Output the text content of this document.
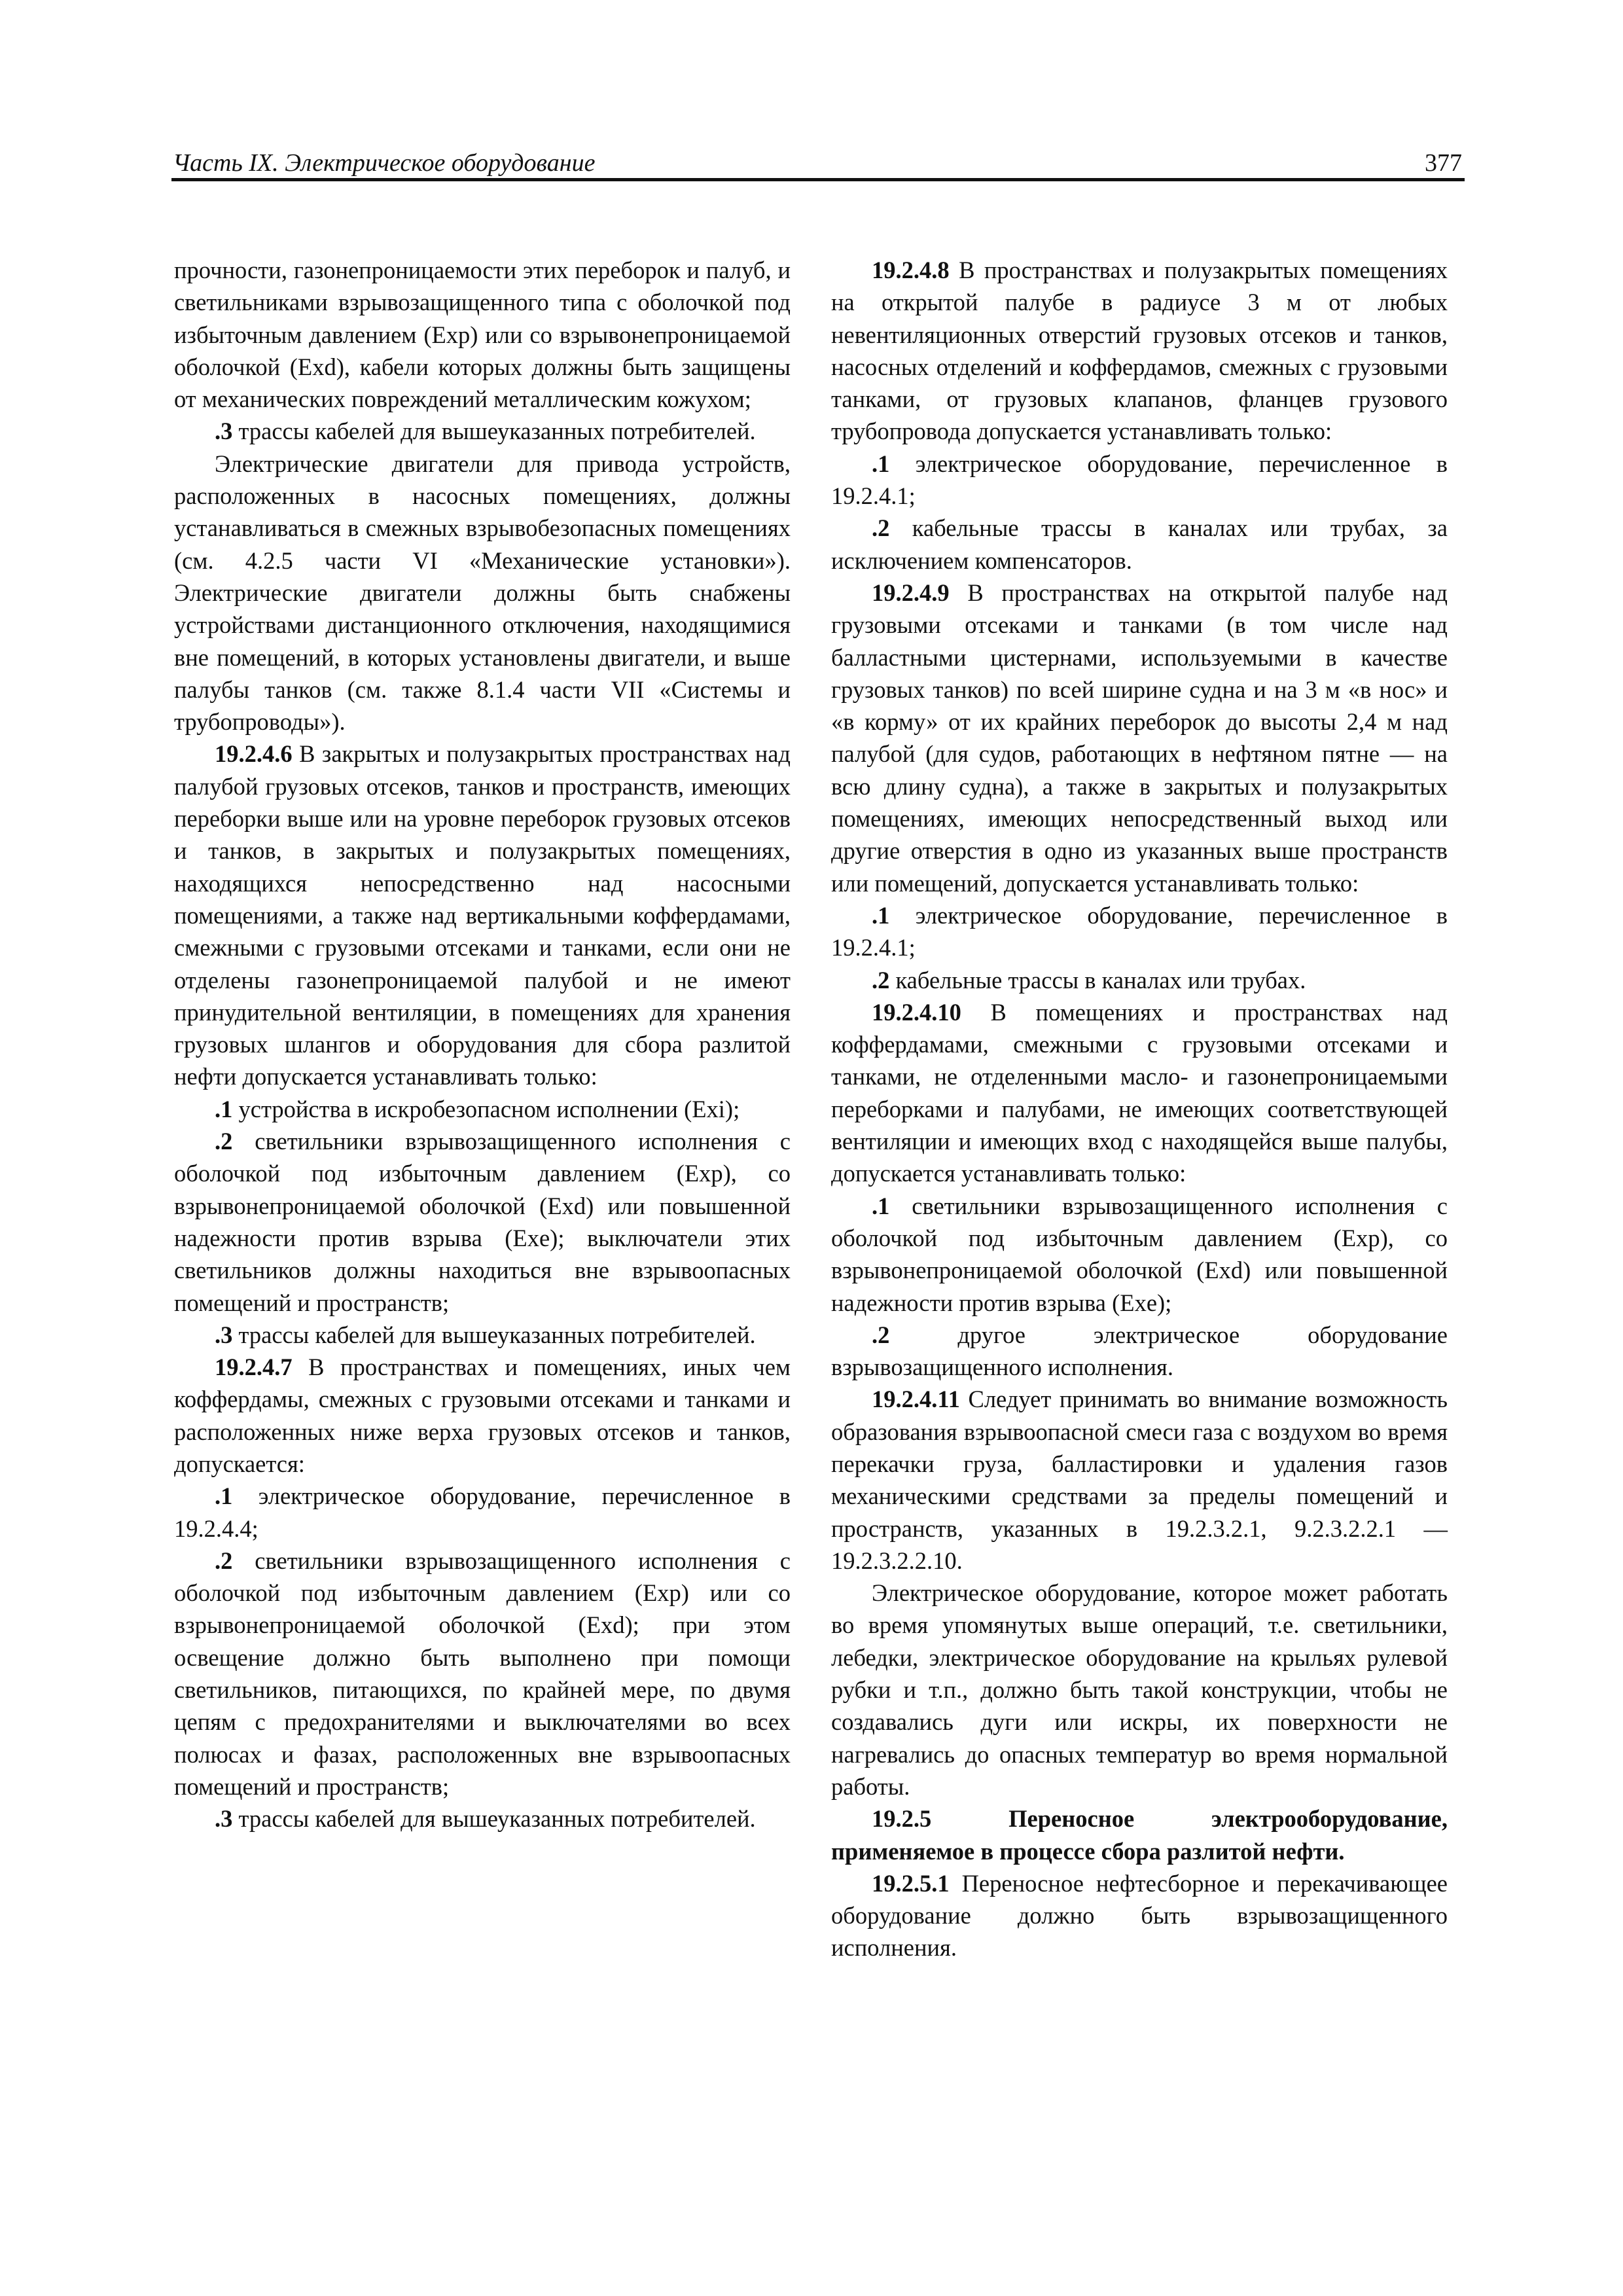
Часть IX. Электрическое оборудование	377

прочности, газонепроницаемости этих переборок и палуб, и светильниками взрывозащищенного типа с оболочкой под избыточным давлением (Exp) или со взрывонепроницаемой оболочкой (Exd), кабели которых должны быть защищены от механических повреждений металлическим кожухом;

.3 трассы кабелей для вышеуказанных потребителей.

Электрические двигатели для привода устройств, расположенных в насосных помещениях, должны устанавливаться в смежных взрывобезопасных помещениях (см. 4.2.5 части VI «Механические установки»). Электрические двигатели должны быть снабжены устройствами дистанционного отключения, находящимися вне помещений, в которых установлены двигатели, и выше палубы танков (см. также 8.1.4 части VII «Системы и трубопроводы»).

19.2.4.6 В закрытых и полузакрытых пространствах над палубой грузовых отсеков, танков и пространств, имеющих переборки выше или на уровне переборок грузовых отсеков и танков, в закрытых и полузакрытых помещениях, находящихся непосредственно над насосными помещениями, а также над вертикальными коффердамами, смежными с грузовыми отсеками и танками, если они не отделены газонепроницаемой палубой и не имеют принудительной вентиляции, в помещениях для хранения грузовых шлангов и оборудования для сбора разлитой нефти допускается устанавливать только:

.1 устройства в искробезопасном исполнении (Exi);

.2 светильники взрывозащищенного исполнения с оболочкой под избыточным давлением (Exp), со взрывонепроницаемой оболочкой (Exd) или повышенной надежности против взрыва (Exe); выключатели этих светильников должны находиться вне взрывоопасных помещений и пространств;

.3 трассы кабелей для вышеуказанных потребителей.

19.2.4.7 В пространствах и помещениях, иных чем коффердамы, смежных с грузовыми отсеками и танками и расположенных ниже верха грузовых отсеков и танков, допускается:

.1 электрическое оборудование, перечисленное в 19.2.4.4;

.2 светильники взрывозащищенного исполнения с оболочкой под избыточным давлением (Exp) или со взрывонепроницаемой оболочкой (Exd); при этом освещение должно быть выполнено при помощи светильников, питающихся, по крайней мере, по двумя цепям с предохранителями и выключателями во всех полюсах и фазах, расположенных вне взрывоопасных помещений и пространств;

.3 трассы кабелей для вышеуказанных потребителей.

19.2.4.8 В пространствах и полузакрытых помещениях на открытой палубе в радиусе 3 м от любых невентиляционных отверстий грузовых отсеков и танков, насосных отделений и коффердамов, смежных с грузовыми танками, от грузовых клапанов, фланцев грузового трубопровода допускается устанавливать только:

.1 электрическое оборудование, перечисленное в 19.2.4.1;

.2 кабельные трассы в каналах или трубах, за исключением компенсаторов.

19.2.4.9 В пространствах на открытой палубе над грузовыми отсеками и танками (в том числе над балластными цистернами, используемыми в качестве грузовых танков) по всей ширине судна и на 3 м «в нос» и «в корму» от их крайних переборок до высоты 2,4 м над палубой (для судов, работающих в нефтяном пятне — на всю длину судна), а также в закрытых и полузакрытых помещениях, имеющих непосредственный выход или другие отверстия в одно из указанных выше пространств или помещений, допускается устанавливать только:

.1 электрическое оборудование, перечисленное в 19.2.4.1;

.2 кабельные трассы в каналах или трубах.

19.2.4.10 В помещениях и пространствах над коффердамами, смежными с грузовыми отсеками и танками, не отделенными масло- и газонепроницаемыми переборками и палубами, не имеющих соответствующей вентиляции и имеющих вход с находящейся выше палубы, допускается устанавливать только:

.1 светильники взрывозащищенного исполнения с оболочкой под избыточным давлением (Exp), со взрывонепроницаемой оболочкой (Exd) или повышенной надежности против взрыва (Exe);

.2 другое электрическое оборудование взрывозащищенного исполнения.

19.2.4.11 Следует принимать во внимание возможность образования взрывоопасной смеси газа с воздухом во время перекачки груза, балластировки и удаления газов механическими средствами за пределы помещений и пространств, указанных в 19.2.3.2.1, 9.2.3.2.2.1 — 19.2.3.2.2.10.

Электрическое оборудование, которое может работать во время упомянутых выше операций, т.е. светильники, лебедки, электрическое оборудование на крыльях рулевой рубки и т.п., должно быть такой конструкции, чтобы не создавались дуги или искры, их поверхности не нагревались до опасных температур во время нормальной работы.

19.2.5 Переносное электрооборудование, применяемое в процессе сбора разлитой нефти.

19.2.5.1 Переносное нефтесборное и перекачивающее оборудование должно быть взрывозащищенного исполнения.
